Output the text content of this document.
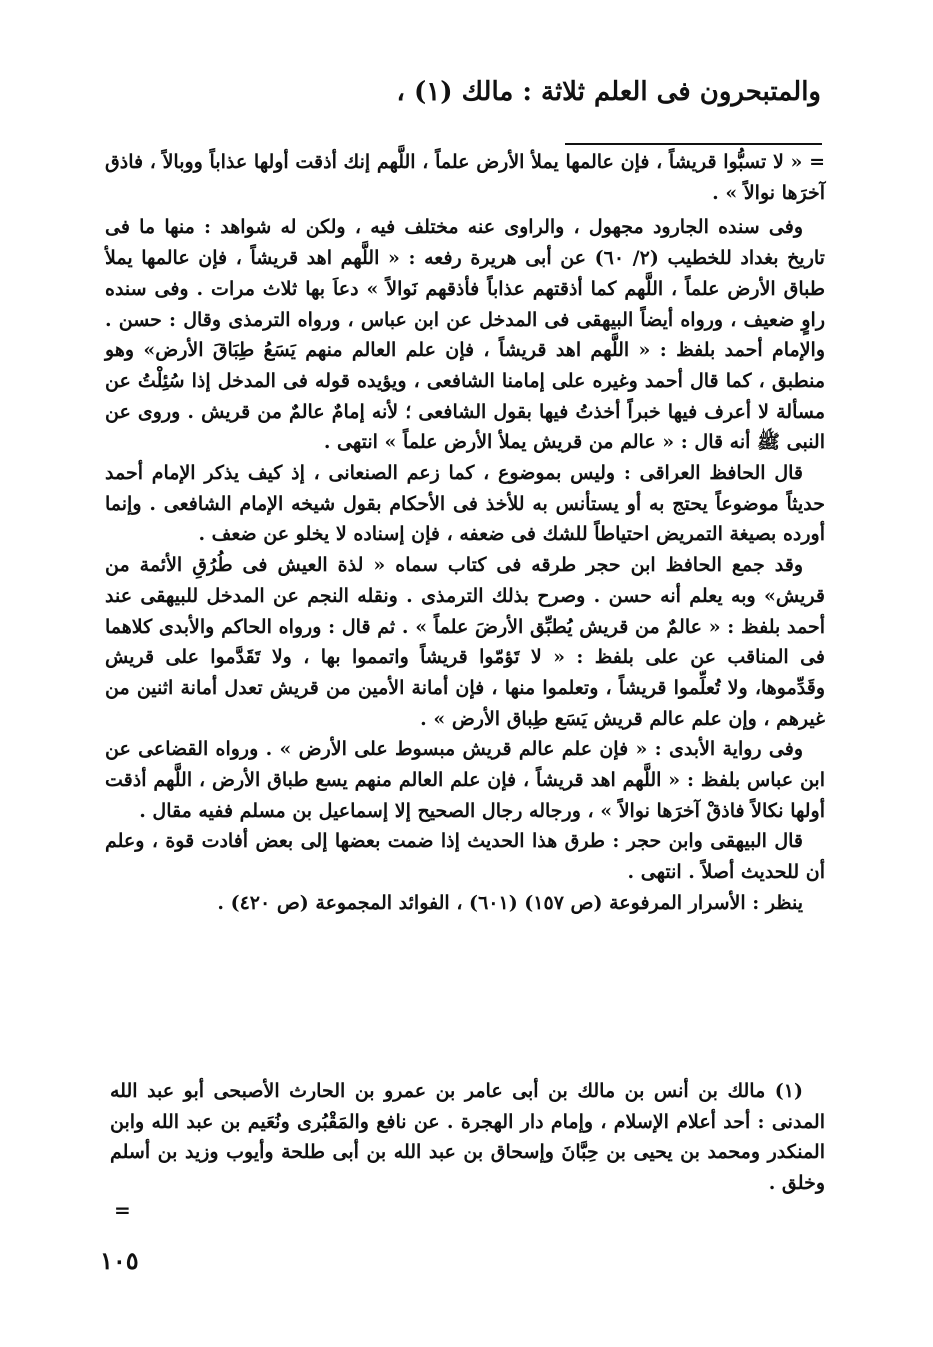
والمتبحرون فى العلم ثلاثة : مالك (١) ،

= « لا تسبُّوا قريشاً ، فإن عالمها يملأ الأرض علماً ، اللَّهم إنك أذقت أولها عذاباً ووبالاً ، فاذق آخرَها نوالاً » .

وفى سنده الجارود مجهول ، والراوى عنه مختلف فيه ، ولكن له شواهد : منها ما فى تاريخ بغداد للخطيب (٢/ ٦٠) عن أبى هريرة رفعه : « اللَّهم اهد قريشاً ، فإن عالمها يملأ طباق الأرض علماً ، اللَّهم كما أذقتهم عذاباً فأذقهم نَوالاً » دعاَ بها ثلاث مرات . وفى سنده راوٍ ضعيف ، ورواه أيضاً البيهقى فى المدخل عن ابن عباس ، ورواه الترمذى وقال : حسن . والإمام أحمد بلفظ : « اللَّهم اهد قريشاً ، فإن علم العالم منهم يَسَعُ طِبَاقَ الأرض» وهو منطبق ، كما قال أحمد وغيره على إمامنا الشافعى ، ويؤيده قوله فى المدخل إذا سُئِلْتُ عن مسألة لا أعرف فيها خبراً أخذتُ فيها بقول الشافعى ؛ لأنه إمامٌ عالمٌ من قريش . وروى عن النبى ﷺ أنه قال : « عالم من قريش يملأ الأرض علماً » انتهى .

قال الحافظ العراقى : وليس بموضوع ، كما زعم الصنعانى ، إذ كيف يذكر الإمام أحمد حديثاً موضوعاً يحتج به أو يستأنس به للأخذ فى الأحكام بقول شيخه الإمام الشافعى . وإنما أورده بصيغة التمريض احتياطاً للشك فى ضعفه ، فإن إسناده لا يخلو عن ضعف .

وقد جمع الحافظ ابن حجر طرقه فى كتاب سماه « لذة العيش فى طُرُقِ الأئمة من قريش» وبه يعلم أنه حسن . وصرح بذلك الترمذى . ونقله النجم عن المدخل للبيهقى عند أحمد بلفظ : « عالمٌ من قريش يُطبِّق الأرضَ علماً » . ثم قال : ورواه الحاكم والأبدى كلاهما فى المناقب عن على بلفظ : « لا تَؤمّوا قريشاً واتمموا بها ، ولا تَقَدَّموا على قريش وقَدِّموها، ولا تُعلِّموا قريشاً ، وتعلموا منها ، فإن أمانة الأمين من قريش تعدل أمانة اثنين من غيرهم ، وإن علم عالم قريش يَسَع طِباق الأرض » .

وفى رواية الأبدى : « فإن علم عالم قريش مبسوط على الأرض » . ورواه القضاعى عن ابن عباس بلفظ : « اللَّهم اهد قريشاً ، فإن علم العالم منهم يسع طباق الأرض ، اللَّهم أذقت أولها نكالاً فاذقْ آخرَها نوالاً » ، ورجاله رجال الصحيح إلا إسماعيل بن مسلم ففيه مقال .

قال البيهقى وابن حجر : طرق هذا الحديث إذا ضمت بعضها إلى بعض أفادت قوة ، وعلم أن للحديث أصلاً . انتهى .

ينظر : الأسرار المرفوعة (ص ١٥٧) (٦٠١) ، الفوائد المجموعة (ص ٤٢٠) .

(١) مالك بن أنس بن مالك بن أبى عامر بن عمرو بن الحارث الأصبحى أبو عبد الله المدنى : أحد أعلام الإسلام ، وإمام دار الهجرة . عن نافع والمَقْبُرى ونُعَيم بن عبد الله وابن المنكدر ومحمد بن يحيى بن حِبَّانَ وإسحاق بن عبد الله بن أبى طلحة وأيوب وزيد بن أسلم وخلق .

=
١٠٥
